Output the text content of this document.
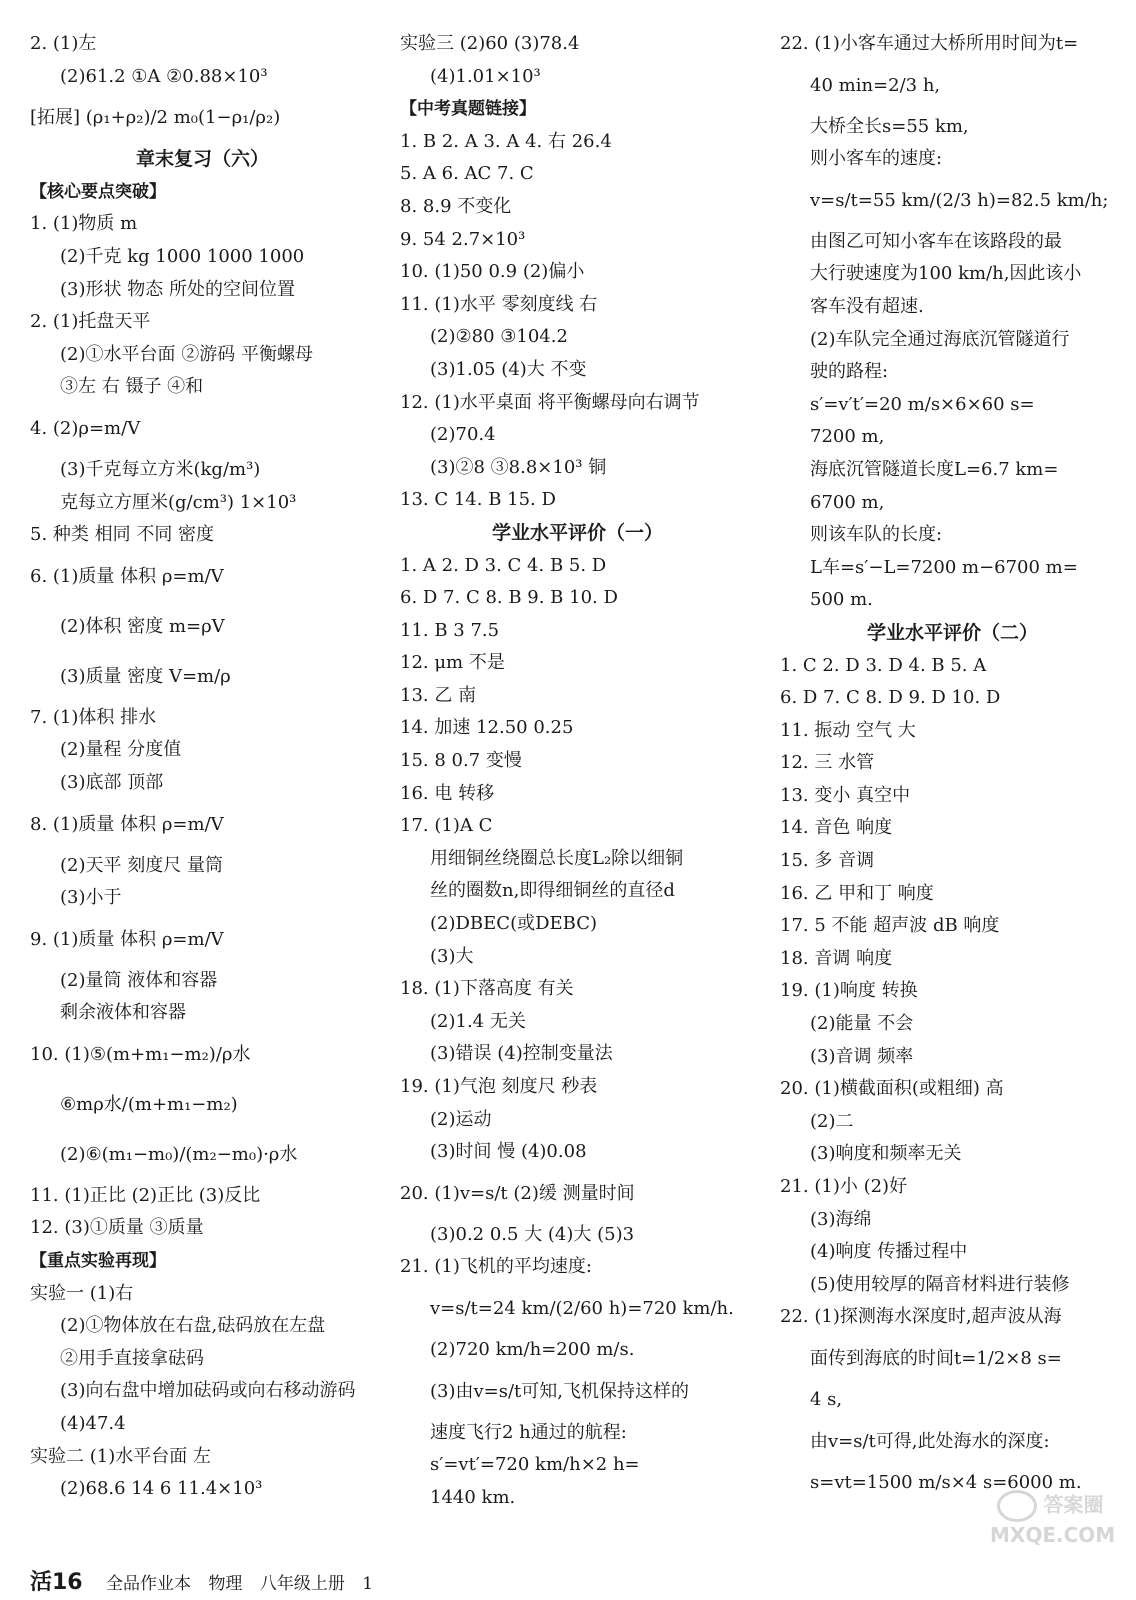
2. (1)左
(2)61.2 ①A ②0.88×10³
[拓展] (ρ₁+ρ₂)/2 m₀(1−ρ₁/ρ₂)
章末复习（六）
【核心要点突破】
1. (1)物质 m
(2)千克 kg 1000 1000 1000
(3)形状 物态 所处的空间位置
2. (1)托盘天平
(2)①水平台面 ②游码 平衡螺母
③左 右 镊子 ④和
4. (2)ρ=m/V
(3)千克每立方米(kg/m³)
克每立方厘米(g/cm³) 1×10³
5. 种类 相同 不同 密度
6. (1)质量 体积 ρ=m/V
(2)体积 密度 m=ρV
(3)质量 密度 V=m/ρ
7. (1)体积 排水
(2)量程 分度值
(3)底部 顶部
8. (1)质量 体积 ρ=m/V
(2)天平 刻度尺 量筒
(3)小于
9. (1)质量 体积 ρ=m/V
(2)量筒 液体和容器
剩余液体和容器
10. (1)⑤(m+m₁−m₂)/ρ水
⑥mρ水/(m+m₁−m₂)
(2)⑥(m₁−m₀)/(m₂−m₀)·ρ水
11. (1)正比 (2)正比 (3)反比
12. (3)①质量 ③质量
【重点实验再现】
实验一 (1)右
(2)①物体放在右盘,砝码放在左盘
②用手直接拿砝码
(3)向右盘中增加砝码或向右移动游码
(4)47.4
实验二 (1)水平台面 左
(2)68.6 14 6 11.4×10³
实验三 (2)60 (3)78.4
(4)1.01×10³
【中考真题链接】
1. B 2. A 3. A 4. 右 26.4
5. A 6. AC 7. C
8. 8.9 不变化
9. 54 2.7×10³
10. (1)50 0.9 (2)偏小
11. (1)水平 零刻度线 右
(2)②80 ③104.2
(3)1.05 (4)大 不变
12. (1)水平桌面 将平衡螺母向右调节
(2)70.4
(3)②8 ③8.8×10³ 铜
13. C 14. B 15. D
学业水平评价（一）
1. A 2. D 3. C 4. B 5. D
6. D 7. C 8. B 9. B 10. D
11. B 3 7.5
12. μm 不是
13. 乙 南
14. 加速 12.50 0.25
15. 8 0.7 变慢
16. 电 转移
17. (1)A C
用细铜丝绕圈总长度L₂除以细铜
丝的圈数n,即得细铜丝的直径d
(2)DBEC(或DEBC)
(3)大
18. (1)下落高度 有关
(2)1.4 无关
(3)错误 (4)控制变量法
19. (1)气泡 刻度尺 秒表
(2)运动
(3)时间 慢 (4)0.08
20. (1)v=s/t (2)缓 测量时间
(3)0.2 0.5 大 (4)大 (5)3
21. (1)飞机的平均速度:
v=s/t=24 km/(2/60 h)=720 km/h.
(2)720 km/h=200 m/s.
(3)由v=s/t可知,飞机保持这样的
速度飞行2 h通过的航程:
s′=vt′=720 km/h×2 h=
1440 km.
22. (1)小客车通过大桥所用时间为t=
40 min=2/3 h,
大桥全长s=55 km,
则小客车的速度:
v=s/t=55 km/(2/3 h)=82.5 km/h;
由图乙可知小客车在该路段的最
大行驶速度为100 km/h,因此该小
客车没有超速.
(2)车队完全通过海底沉管隧道行
驶的路程:
s′=v′t′=20 m/s×6×60 s=
7200 m,
海底沉管隧道长度L=6.7 km=
6700 m,
则该车队的长度:
L车=s′−L=7200 m−6700 m=
500 m.
学业水平评价（二）
1. C 2. D 3. D 4. B 5. A
6. D 7. C 8. D 9. D 10. D
11. 振动 空气 大
12. 三 水管
13. 变小 真空中
14. 音色 响度
15. 多 音调
16. 乙 甲和丁 响度
17. 5 不能 超声波 dB 响度
18. 音调 响度
19. (1)响度 转换
(2)能量 不会
(3)音调 频率
20. (1)横截面积(或粗细) 高
(2)二
(3)响度和频率无关
21. (1)小 (2)好
(3)海绵
(4)响度 传播过程中
(5)使用较厚的隔音材料进行装修
22. (1)探测海水深度时,超声波从海
面传到海底的时间t=1/2×8 s=
4 s,
由v=s/t可得,此处海水的深度:
s=vt=1500 m/s×4 s=6000 m.
活16 全品作业本 物理 八年级上册 1
答案圈
MXQE.COM
